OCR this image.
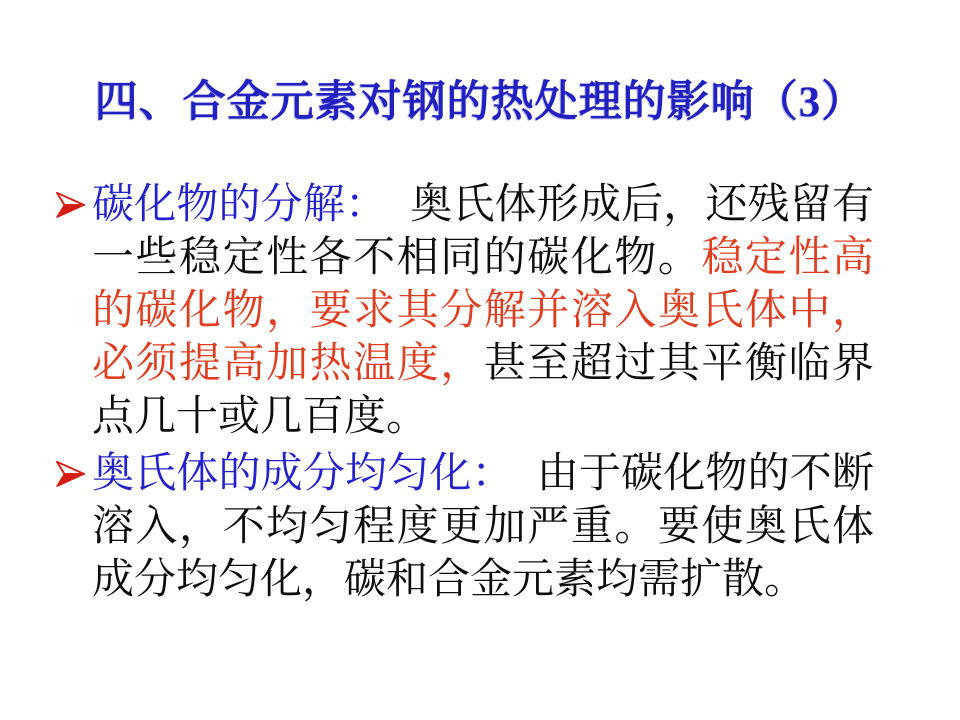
四、合金元素对钢的热处理的影响（3）

碳化物的分解： 奥氏体形成后，还残留有一些稳定性各不相同的碳化物。稳定性高的碳化物，要求其分解并溶入奥氏体中，必须提高加热温度，甚至超过其平衡临界点几十或几百度。

奥氏体的成分均匀化： 由于碳化物的不断溶入，不均匀程度更加严重。要使奥氏体成分均匀化，碳和合金元素均需扩散。
